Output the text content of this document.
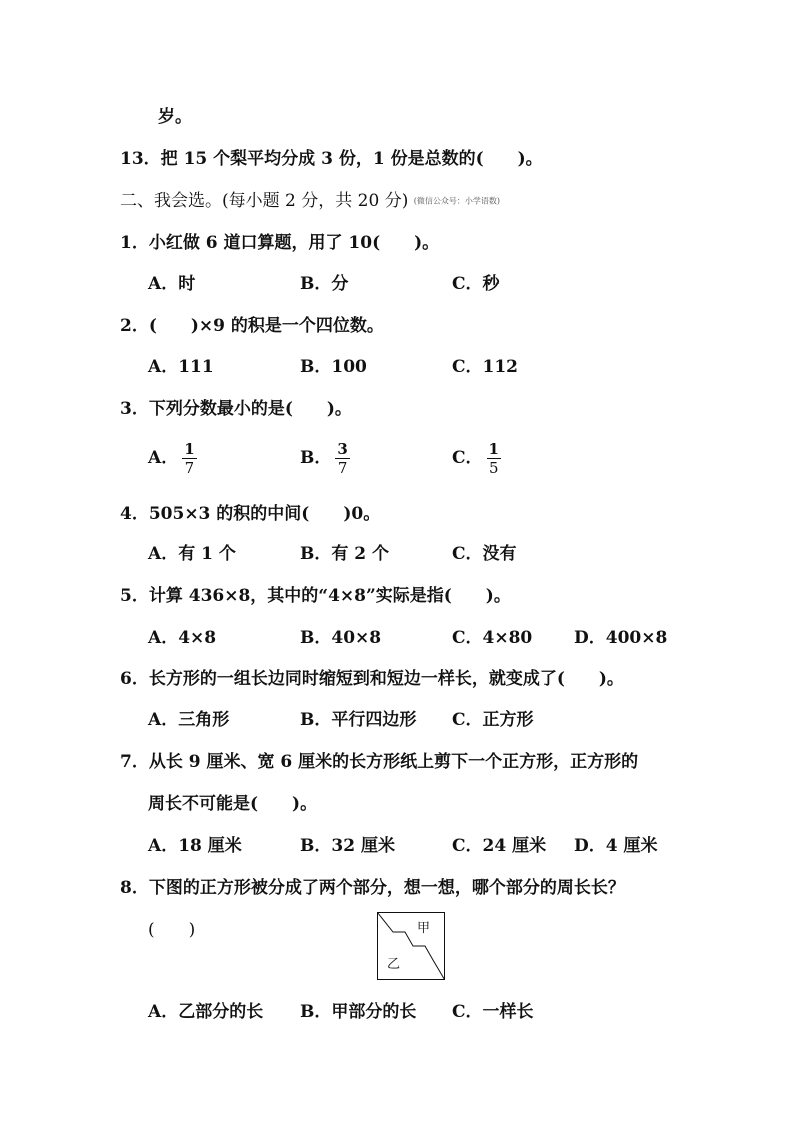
岁。
13．把 15 个梨平均分成 3 份，1 份是总数的(　　)。
二、我会选。(每小题 2 分，共 20 分) (微信公众号：小学语数)
1．小红做 6 道口算题，用了 10(　　)。
A．时	B．分	C．秒
2．(　　)×9 的积是一个四位数。
A．111	B．100	C．112
3．下列分数最小的是(　　)。
A． $\frac{1}{7}$	B． $\frac{3}{7}$	C． $\frac{1}{5}$
4．505×3 的积的中间(　　)0。
A．有 1 个	B．有 2 个	C．没有
5．计算 436×8，其中的“4×8”实际是指(　　)。
A．4×8	B．40×8	C．4×80 D．400×8
6．长方形的一组长边同时缩短到和短边一样长，就变成了(　　)。
A．三角形	B．平行四边形 C．正方形
7．从长 9 厘米、宽 6 厘米的长方形纸上剪下一个正方形，正方形的
周长不可能是(　　)。
A．18 厘米	B．32 厘米	C．24 厘米 D．4 厘米
8．下图的正方形被分成了两个部分，想一想，哪个部分的周长长？
(　　)	甲
乙
A．乙部分的长 B．甲部分的长 C．一样长
